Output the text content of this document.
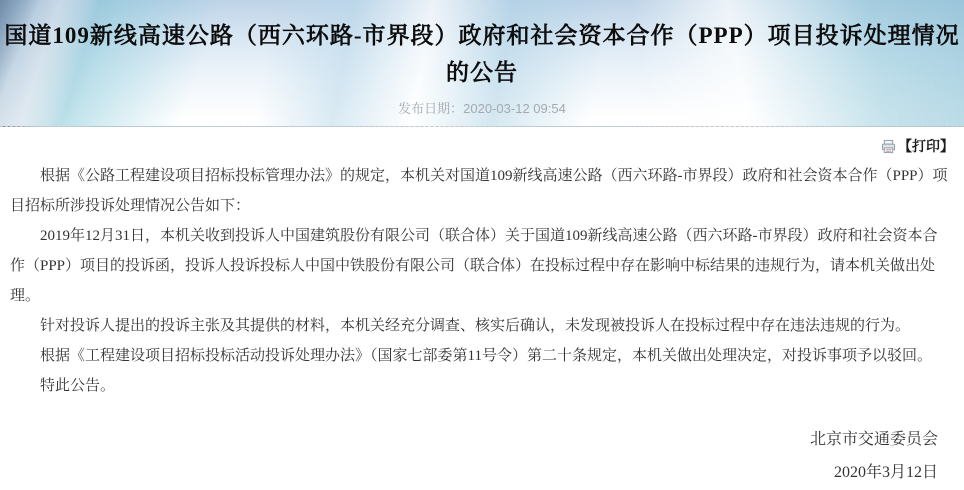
国道109新线高速公路（西六环路-市界段）政府和社会资本合作（PPP）项目投诉处理情况
的公告
发布日期：2020-03-12 09:54
【打印】

根据《公路工程建设项目招标投标管理办法》的规定，本机关对国道109新线高速公路（西六环路-市界段）政府和社会资本合作（PPP）项目招标所涉投诉处理情况公告如下：

2019年12月31日，本机关收到投诉人中国建筑股份有限公司（联合体）关于国道109新线高速公路（西六环路-市界段）政府和社会资本合作（PPP）项目的投诉函，投诉人投诉投标人中国中铁股份有限公司（联合体）在投标过程中存在影响中标结果的违规行为，请本机关做出处理。

针对投诉人提出的投诉主张及其提供的材料，本机关经充分调查、核实后确认，未发现被投诉人在投标过程中存在违法违规的行为。

根据《工程建设项目招标投标活动投诉处理办法》（国家七部委第11号令）第二十条规定，本机关做出处理决定，对投诉事项予以驳回。

特此公告。

北京市交通委员会
2020年3月12日
